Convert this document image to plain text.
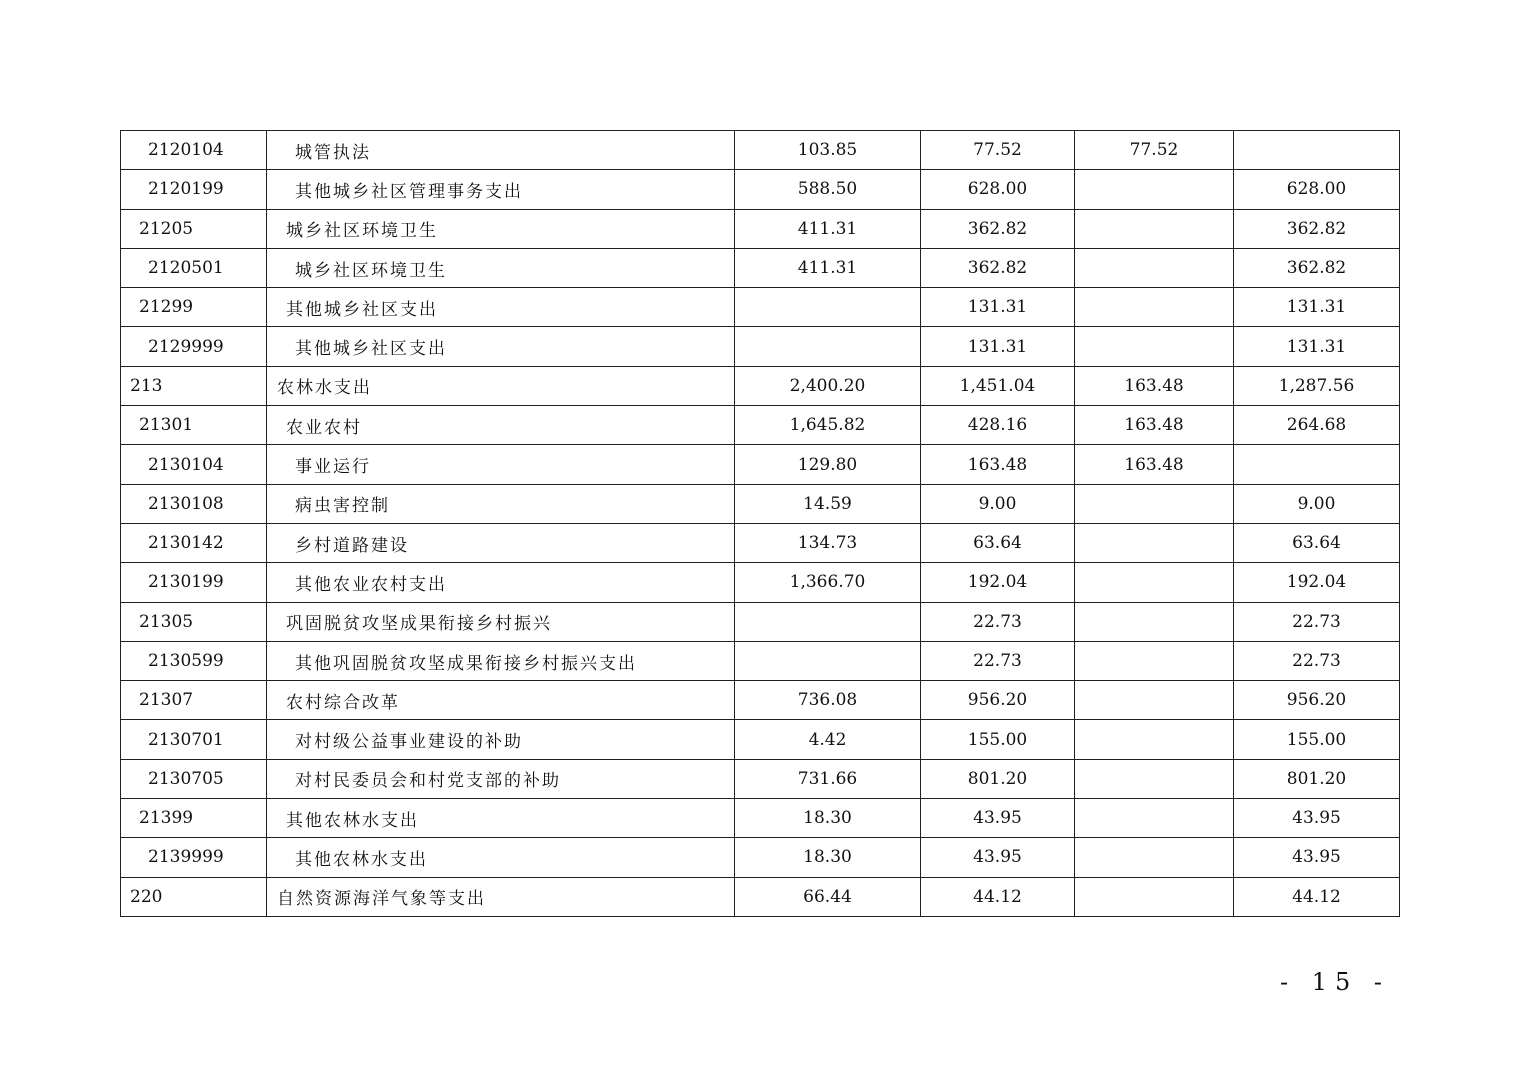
2120104	城管执法	103.85	77.52	77.52	
2120199	其他城乡社区管理事务支出	588.50	628.00		628.00
21205	城乡社区环境卫生	411.31	362.82		362.82
2120501	城乡社区环境卫生	411.31	362.82		362.82
21299	其他城乡社区支出		131.31		131.31
2129999	其他城乡社区支出		131.31		131.31
213	农林水支出	2,400.20	1,451.04	163.48	1,287.56
21301	农业农村	1,645.82	428.16	163.48	264.68
2130104	事业运行	129.80	163.48	163.48	
2130108	病虫害控制	14.59	9.00		9.00
2130142	乡村道路建设	134.73	63.64		63.64
2130199	其他农业农村支出	1,366.70	192.04		192.04
21305	巩固脱贫攻坚成果衔接乡村振兴		22.73		22.73
2130599	其他巩固脱贫攻坚成果衔接乡村振兴支出		22.73		22.73
21307	农村综合改革	736.08	956.20		956.20
2130701	对村级公益事业建设的补助	4.42	155.00		155.00
2130705	对村民委员会和村党支部的补助	731.66	801.20		801.20
21399	其他农林水支出	18.30	43.95		43.95
2139999	其他农林水支出	18.30	43.95		43.95
220	自然资源海洋气象等支出	66.44	44.12		44.12
- 15 -
